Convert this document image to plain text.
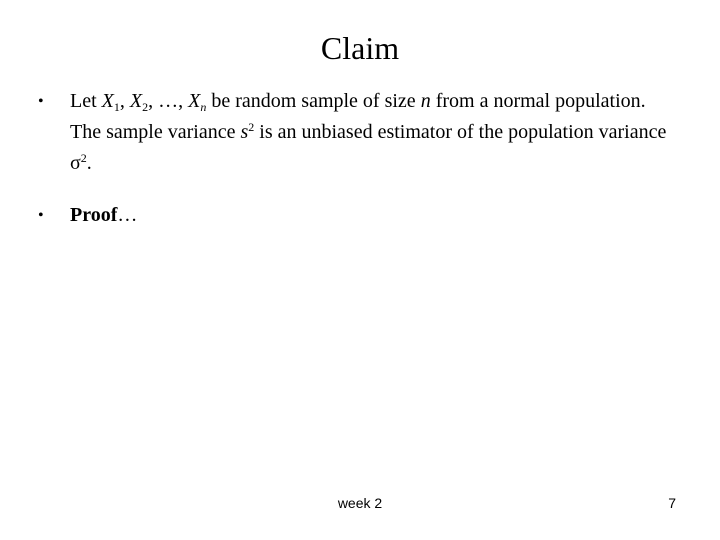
Claim
• Let $X_1$, $X_2$, …, $X_n$ be random sample of size n from a normal population. The sample variance $s^2$ is an unbiased estimator of the population variance $\sigma^2$.
• Proof…
week 2	7
